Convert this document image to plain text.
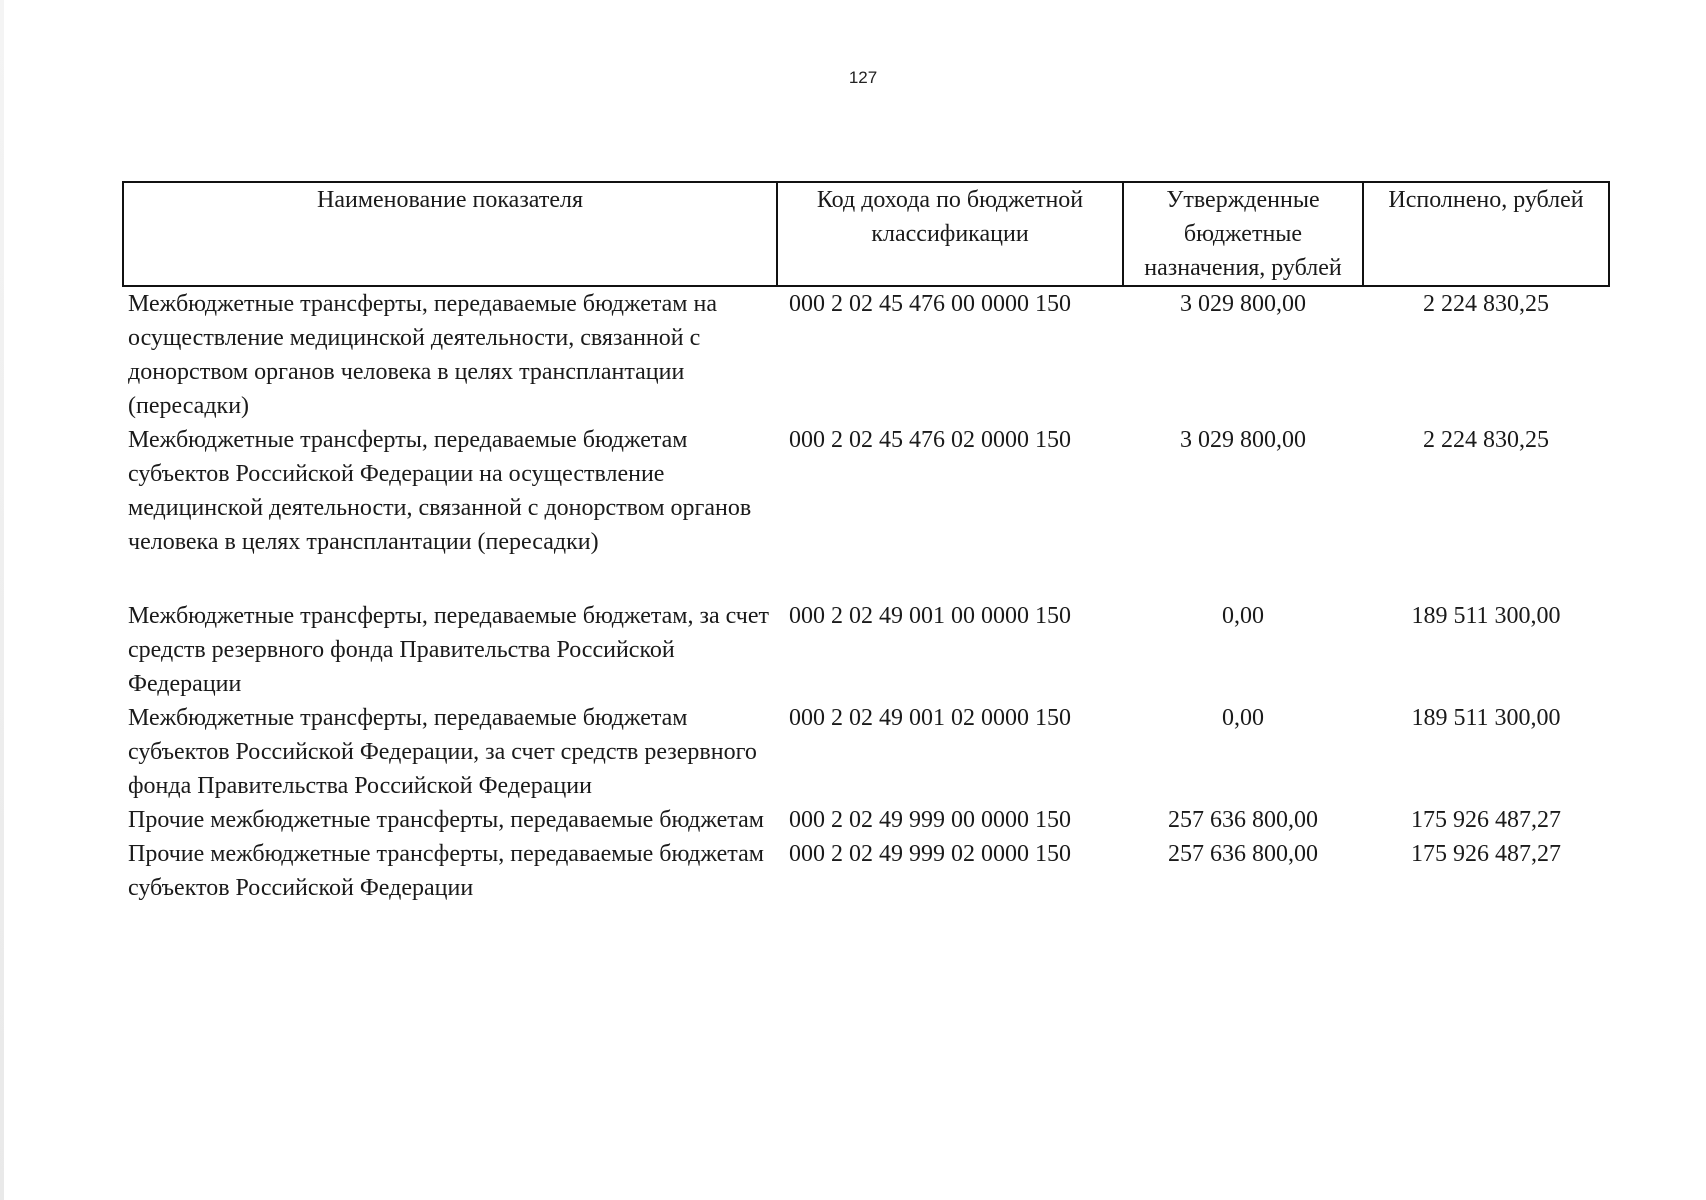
127
Наименование показателя	Код дохода по бюджетной классификации	Утвержденные бюджетные назначения, рублей	Исполнено, рублей
Межбюджетные трансферты, передаваемые бюджетам на осуществление медицинской деятельности, связанной с донорством органов человека в целях трансплантации (пересадки)	000 2 02 45 476 00 0000 150	3 029 800,00	2 224 830,25
Межбюджетные трансферты, передаваемые бюджетам субъектов Российской Федерации на осуществление медицинской деятельности, связанной с донорством органов человека в целях трансплантации (пересадки)	000 2 02 45 476 02 0000 150	3 029 800,00	2 224 830,25
Межбюджетные трансферты, передаваемые бюджетам, за счет средств резервного фонда Правительства Российской Федерации	000 2 02 49 001 00 0000 150	0,00	189 511 300,00
Межбюджетные трансферты, передаваемые бюджетам субъектов Российской Федерации, за счет средств резервного фонда Правительства Российской Федерации	000 2 02 49 001 02 0000 150	0,00	189 511 300,00
Прочие межбюджетные трансферты, передаваемые бюджетам	000 2 02 49 999 00 0000 150	257 636 800,00	175 926 487,27
Прочие межбюджетные трансферты, передаваемые бюджетам субъектов Российской Федерации	000 2 02 49 999 02 0000 150	257 636 800,00	175 926 487,27
